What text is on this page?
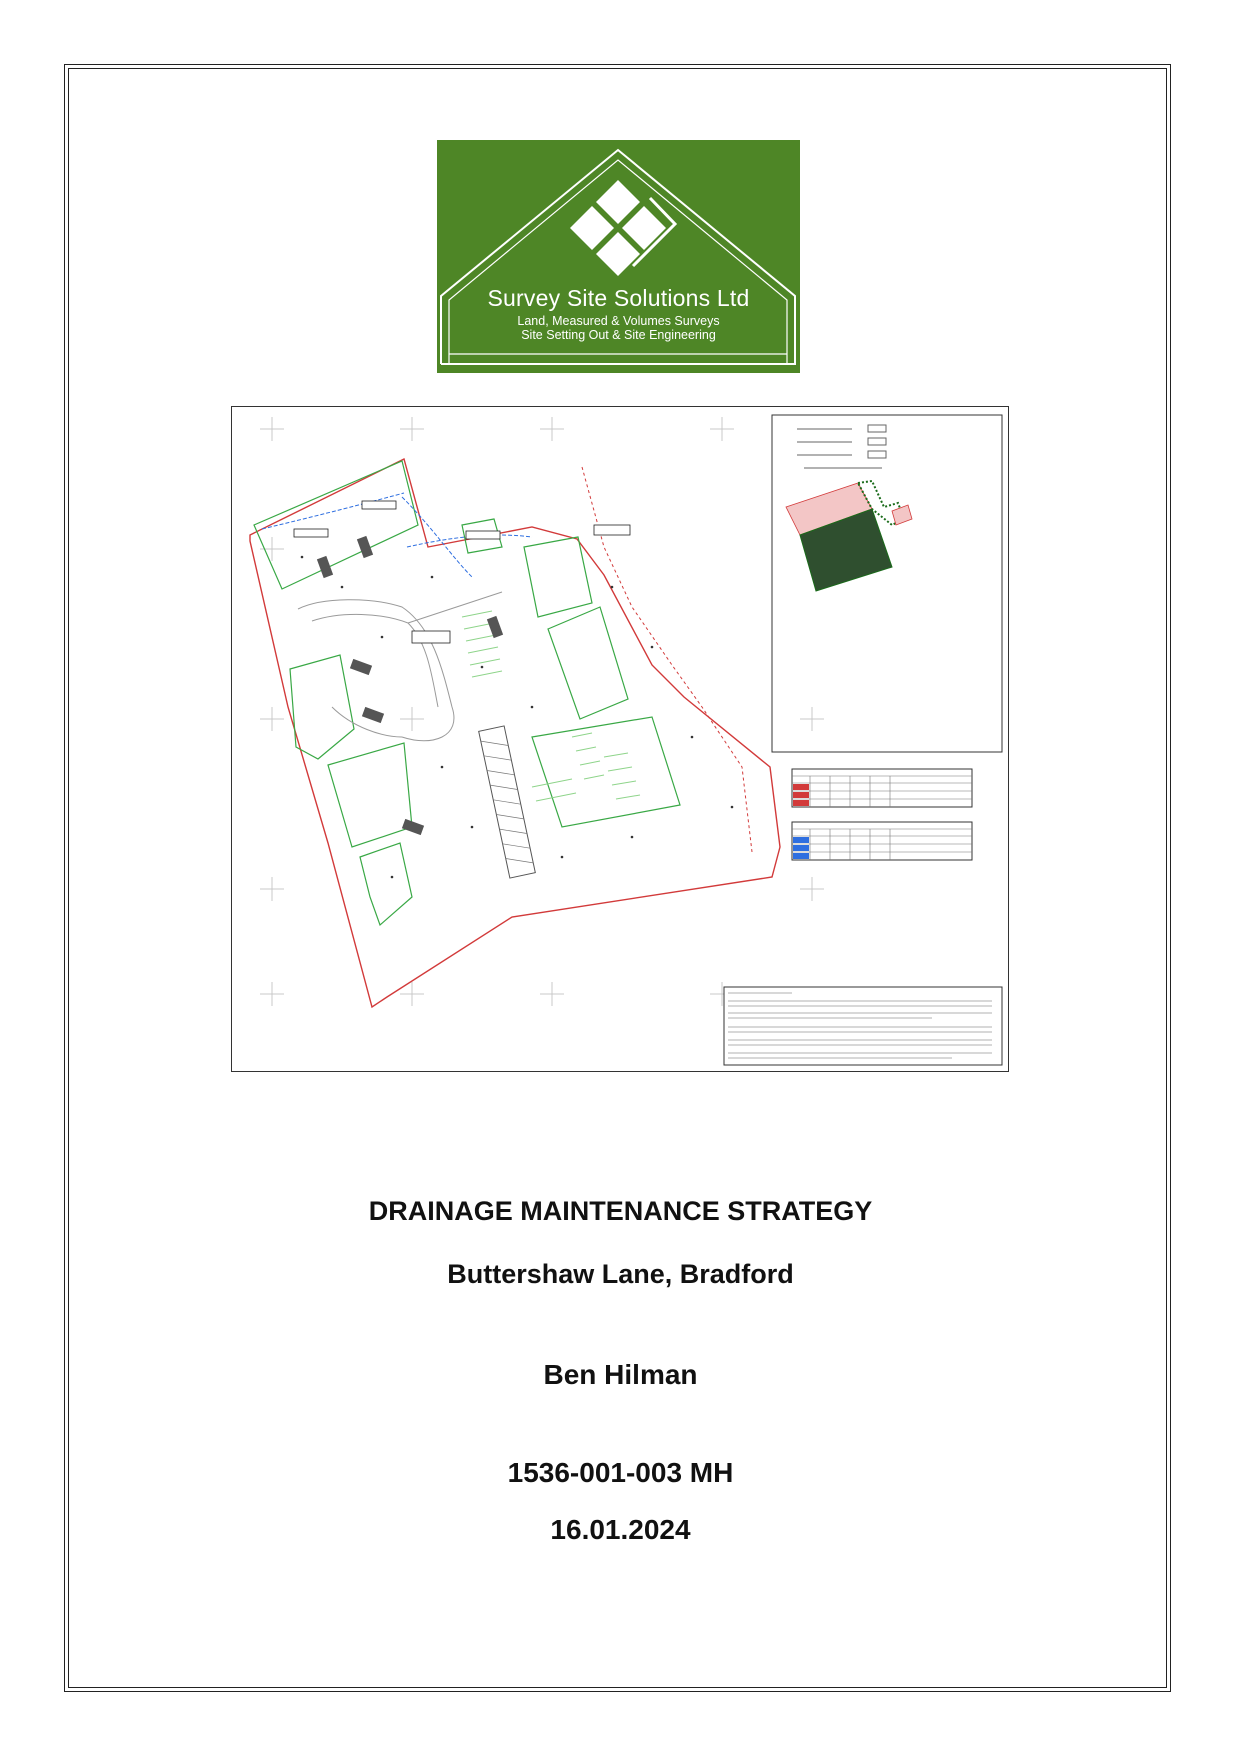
Survey Site Solutions Ltd
Land, Measured & Volumes Surveys
Site Setting Out & Site Engineering
DRAINAGE MAINTENANCE STRATEGY
Buttershaw Lane, Bradford
Ben Hilman
1536-001-003 MH
16.01.2024
